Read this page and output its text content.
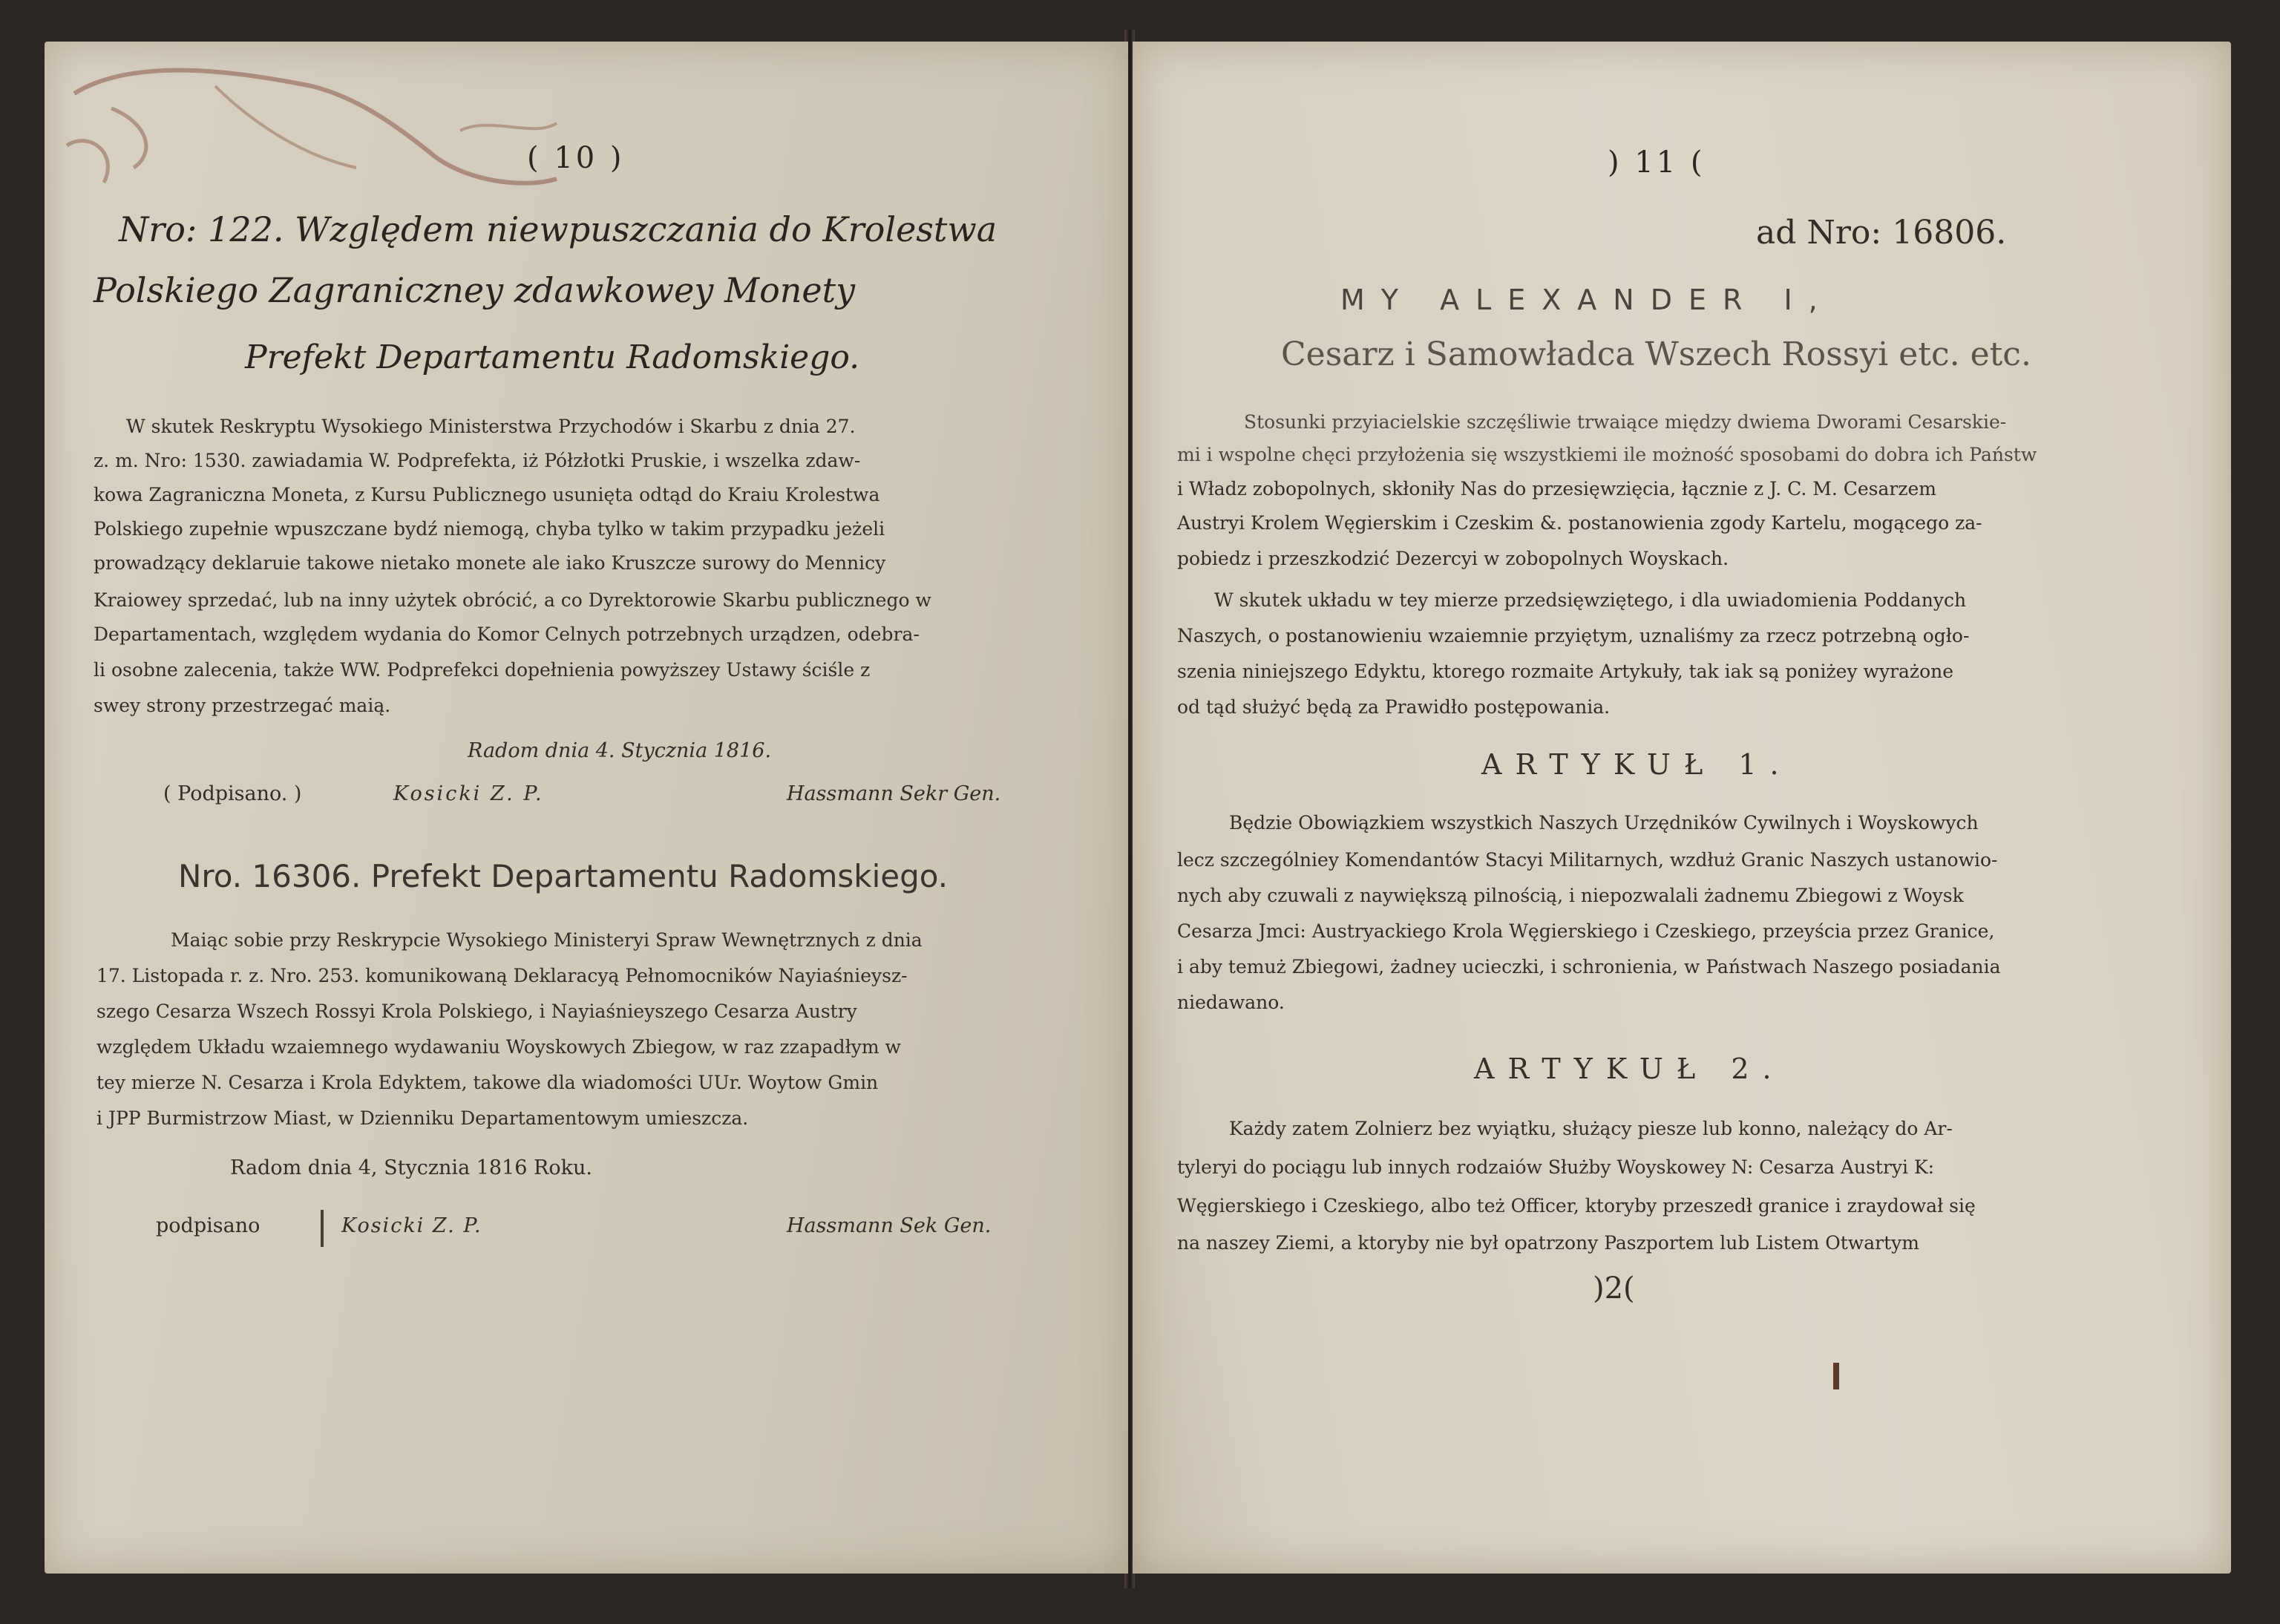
( 10 )
Nro: 122. Względem niewpuszczania do Krolestwa
Polskiego Zagraniczney zdawkowey Monety
Prefekt Departamentu Radomskiego.
W skutek Reskryptu Wysokiego Ministerstwa Przychodów i Skarbu z dnia 27.
z. m. Nro: 1530. zawiadamia W. Podprefekta, iż Półzłotki Pruskie, i wszelka zdaw-
kowa Zagraniczna Moneta, z Kursu Publicznego usunięta odtąd do Kraiu Krolestwa
Polskiego zupełnie wpuszczane bydź niemogą, chyba tylko w takim przypadku jeżeli
prowadzący deklaruie takowe nietako monete ale iako Kruszcze surowy do Mennicy
Kraiowey sprzedać, lub na inny użytek obrócić, a co Dyrektorowie Skarbu publicznego w
Departamentach, względem wydania do Komor Celnych potrzebnych urządzen, odebra-
li osobne zalecenia, także WW. Podprefekci dopełnienia powyższey Ustawy ściśle z
swey strony przestrzegać maią.
Radom dnia 4. Stycznia 1816.
( Podpisano. )	Kosicki Z. P.	Hassmann Sekr Gen.
Nro. 16306. Prefekt Departamentu Radomskiego.
Maiąc sobie przy Reskrypcie Wysokiego Ministeryi Spraw Wewnętrznych z dnia
17. Listopada r. z. Nro. 253. komunikowaną Deklaracyą Pełnomocników Nayiaśnieysz-
szego Cesarza Wszech Rossyi Krola Polskiego, i Nayiaśnieyszego Cesarza Austry
względem Układu wzaiemnego wydawaniu Woyskowych Zbiegow, w raz zzapadłym w
tey mierze N. Cesarza i Krola Edyktem, takowe dla wiadomości UUr. Woytow Gmin
i JPP Burmistrzow Miast, w Dzienniku Departamentowym umieszcza.
Radom dnia 4, Stycznia 1816 Roku.
podpisano	Kosicki Z. P.	Hassmann Sek Gen.
) 11 (
ad Nro: 16806.
MY ALEXANDER I,
Cesarz i Samowładca Wszech Rossyi etc. etc.
Stosunki przyiacielskie szczęśliwie trwaiące między dwiema Dworami Cesarskie-
mi i wspolne chęci przyłożenia się wszystkiemi ile możność sposobami do dobra ich Państw
i Władz zobopolnych, skłoniły Nas do przesięwzięcia, łącznie z J. C. M. Cesarzem
Austryi Krolem Węgierskim i Czeskim &. postanowienia zgody Kartelu, mogącego za-
pobiedz i przeszkodzić Dezercyi w zobopolnych Woyskach.
W skutek układu w tey mierze przedsięwziętego, i dla uwiadomienia Poddanych
Naszych, o postanowieniu wzaiemnie przyiętym, uznaliśmy za rzecz potrzebną ogło-
szenia niniejszego Edyktu, ktorego rozmaite Artykuły, tak iak są poniżey wyrażone
od tąd służyć będą za Prawidło postępowania.
ARTYKUŁ 1.
Będzie Obowiązkiem wszystkich Naszych Urzędników Cywilnych i Woyskowych
lecz szczególniey Komendantów Stacyi Militarnych, wzdłuż Granic Naszych ustanowio-
nych aby czuwali z naywiększą pilnością, i niepozwalali żadnemu Zbiegowi z Woysk
Cesarza Jmci: Austryackiego Krola Węgierskiego i Czeskiego, przeyścia przez Granice,
i aby temuż Zbiegowi, żadney ucieczki, i schronienia, w Państwach Naszego posiadania
niedawano.
ARTYKUŁ 2.
Każdy zatem Zolnierz bez wyiątku, służący piesze lub konno, należący do Ar-
tyleryi do pociągu lub innych rodzaiów Służby Woyskowey N: Cesarza Austryi K:
Węgierskiego i Czeskiego, albo też Officer, ktoryby przeszedł granice i zraydował się
na naszey Ziemi, a ktoryby nie był opatrzony Paszportem lub Listem Otwartym
)2(
